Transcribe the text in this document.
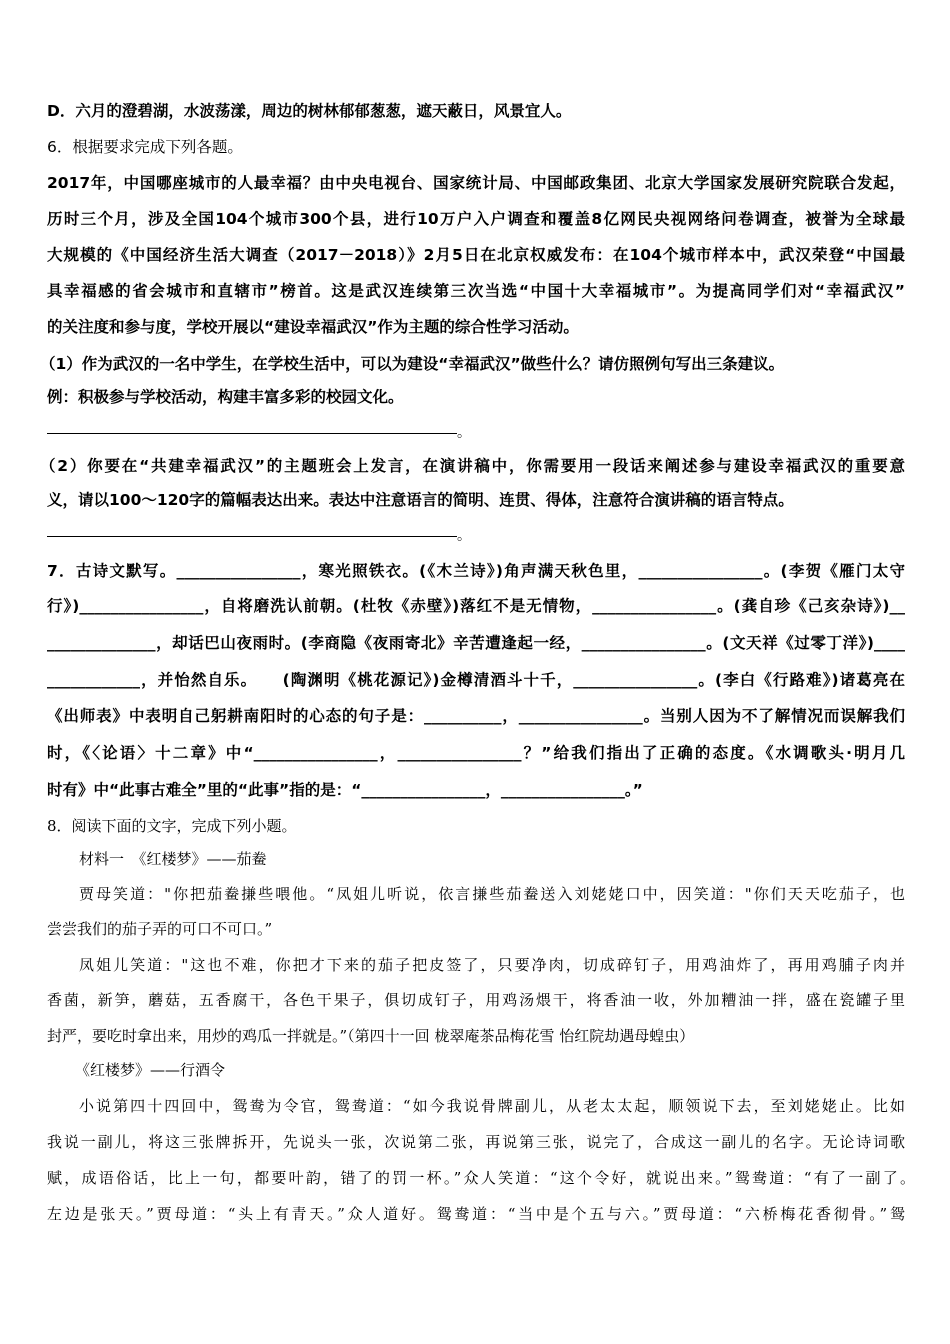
D．六月的澄碧湖，水波荡漾，周边的树林郁郁葱葱，遮天蔽日，风景宜人。
6．根据要求完成下列各题。
2017年，中国哪座城市的人最幸福？由中央电视台、国家统计局、中国邮政集团、北京大学国家发展研究院联合发起，
历时三个月，涉及全国104个城市300个县，进行10万户入户调查和覆盖8亿网民央视网络问卷调查，被誉为全球最
大规模的《中国经济生活大调查（2017－2018）》2月5日在北京权威发布：在104个城市样本中，武汉荣登“中国最
具幸福感的省会城市和直辖市”榜首。这是武汉连续第三次当选“中国十大幸福城市”。为提高同学们对“幸福武汉”
的关注度和参与度，学校开展以“建设幸福武汉”作为主题的综合性学习活动。
（1）作为武汉的一名中学生，在学校生活中，可以为建设“幸福武汉”做些什么？请仿照例句写出三条建议。
例：积极参与学校活动，构建丰富多彩的校园文化。
。
（2）你要在“共建幸福武汉”的主题班会上发言，在演讲稿中，你需要用一段话来阐述参与建设幸福武汉的重要意
义，请以100～120字的篇幅表达出来。表达中注意语言的简明、连贯、得体，注意符合演讲稿的语言特点。
。
7．古诗文默写。________________，寒光照铁衣。(《木兰诗》)角声满天秋色里，________________。(李贺《雁门太守
行》)________________，自将磨洗认前朝。(杜牧《赤壁》)落红不是无情物，________________。(龚自珍《己亥杂诗》)__
______________，却话巴山夜雨时。(李商隐《夜雨寄北》辛苦遭逢起一经，________________。(文天祥《过零丁洋》)____
____________，并怡然自乐。　　(陶渊明《桃花源记》)金樽清酒斗十千，________________。(李白《行路难》)诸葛亮在
《出师表》中表明自己躬耕南阳时的心态的句子是：__________，________________。当别人因为不了解情况而误解我们
时，《〈论语〉十二章》中“________________，________________？”给我们指出了正确的态度。《水调歌头·明月几
时有》中“此事古难全”里的“此事”指的是：“________________，________________。”
8．阅读下面的文字，完成下列小题。
材料一　《红楼梦》——茄鲞
贾母笑道："你把茄鲞搛些喂他。“凤姐儿听说，依言搛些茄鲞送入刘姥姥口中，因笑道："你们天天吃茄子，也
尝尝我们的茄子弄的可口不可口。”
凤姐儿笑道："这也不难，你把才下来的茄子把皮签了，只要净肉，切成碎钉子，用鸡油炸了，再用鸡脯子肉并
香菌，新笋，蘑菇，五香腐干，各色干果子，俱切成钉子，用鸡汤煨干，将香油一收，外加糟油一拌，盛在瓷罐子里
封严，要吃时拿出来，用炒的鸡瓜一拌就是。”（第四十一回 栊翠庵茶品梅花雪 怡红院劫遇母蝗虫）
《红楼梦》——行酒令
小说第四十四回中，鸳鸯为令官，鸳鸯道：“如今我说骨牌副儿，从老太太起，顺领说下去，至刘姥姥止。比如
我说一副儿，将这三张牌拆开，先说头一张，次说第二张，再说第三张，说完了，合成这一副儿的名字。无论诗词歌
赋，成语俗话，比上一句，都要叶韵，错了的罚一杯。”众人笑道：“这个令好，就说出来。”鸳鸯道：“有了一副了。
左边是张天。”贾母道：“头上有青天。”众人道好。鸳鸯道：“当中是个五与六。”贾母道：“六桥梅花香彻骨。”鸳
